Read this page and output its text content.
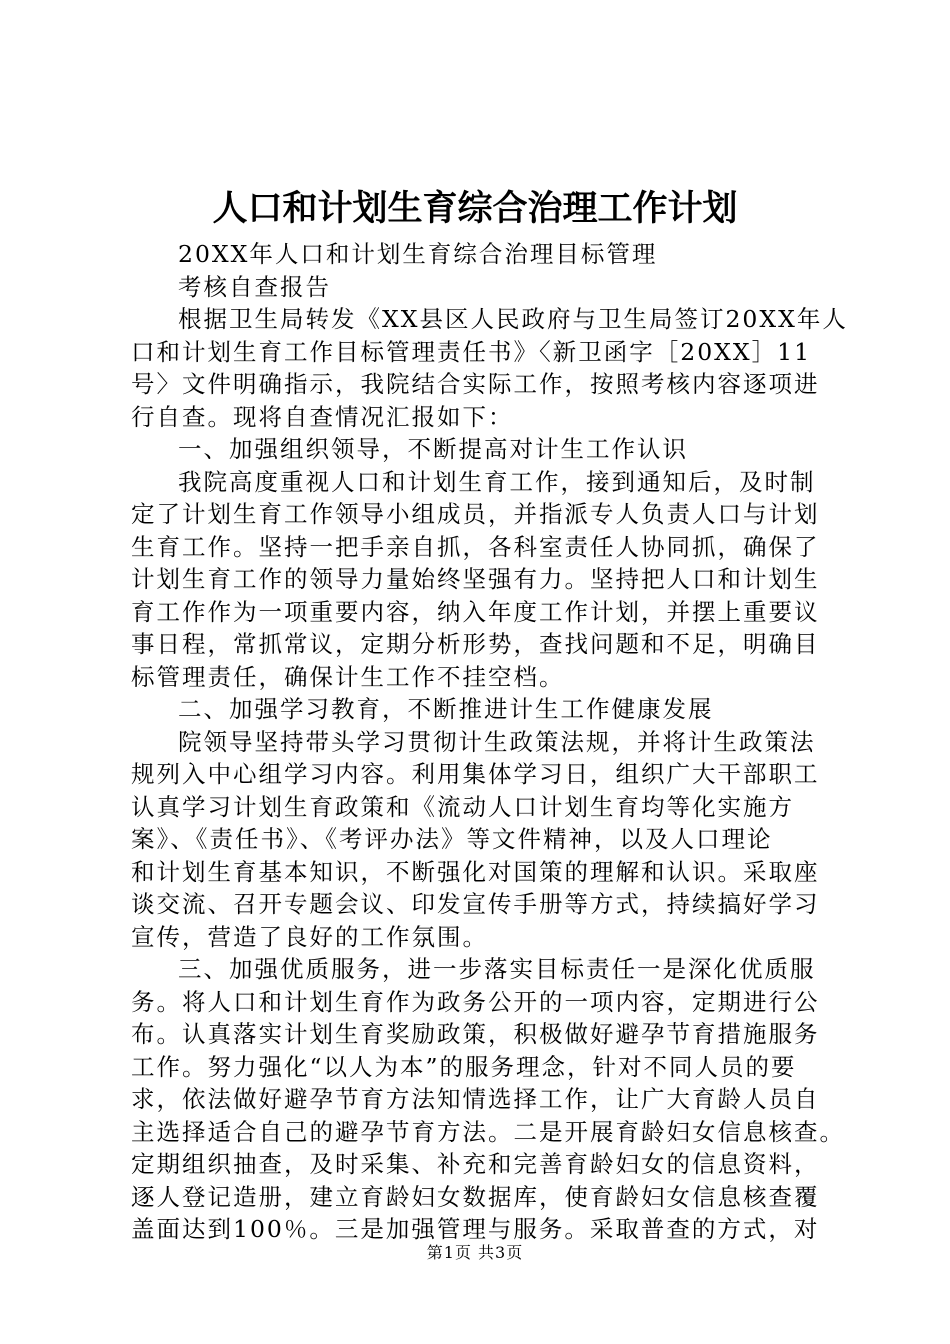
人口和计划生育综合治理工作计划
20XX年人口和计划生育综合治理目标管理
考核自查报告
根据卫生局转发《XX县区人民政府与卫生局签订20XX年人
口和计划生育工作目标管理责任书》〈新卫函字［20XX］11
号〉文件明确指示，我院结合实际工作，按照考核内容逐项进
行自查。现将自查情况汇报如下：
一、加强组织领导，不断提高对计生工作认识
我院高度重视人口和计划生育工作，接到通知后，及时制
定了计划生育工作领导小组成员，并指派专人负责人口与计划
生育工作。坚持一把手亲自抓，各科室责任人协同抓，确保了
计划生育工作的领导力量始终坚强有力。坚持把人口和计划生
育工作作为一项重要内容，纳入年度工作计划，并摆上重要议
事日程，常抓常议，定期分析形势，查找问题和不足，明确目
标管理责任，确保计生工作不挂空档。
二、加强学习教育，不断推进计生工作健康发展
院领导坚持带头学习贯彻计生政策法规，并将计生政策法
规列入中心组学习内容。利用集体学习日，组织广大干部职工
认真学习计划生育政策和《流动人口计划生育均等化实施方
案》、《责任书》、《考评办法》等文件精神，以及人口理论
和计划生育基本知识，不断强化对国策的理解和认识。采取座
谈交流、召开专题会议、印发宣传手册等方式，持续搞好学习
宣传，营造了良好的工作氛围。
三、加强优质服务，进一步落实目标责任一是深化优质服
务。将人口和计划生育作为政务公开的一项内容，定期进行公
布。认真落实计划生育奖励政策，积极做好避孕节育措施服务
工作。努力强化“以人为本”的服务理念，针对不同人员的要
求，依法做好避孕节育方法知情选择工作，让广大育龄人员自
主选择适合自己的避孕节育方法。二是开展育龄妇女信息核查。
定期组织抽查，及时采集、补充和完善育龄妇女的信息资料，
逐人登记造册，建立育龄妇女数据库，使育龄妇女信息核查覆
盖面达到100％。三是加强管理与服务。采取普查的方式，对
第1页 共3页
